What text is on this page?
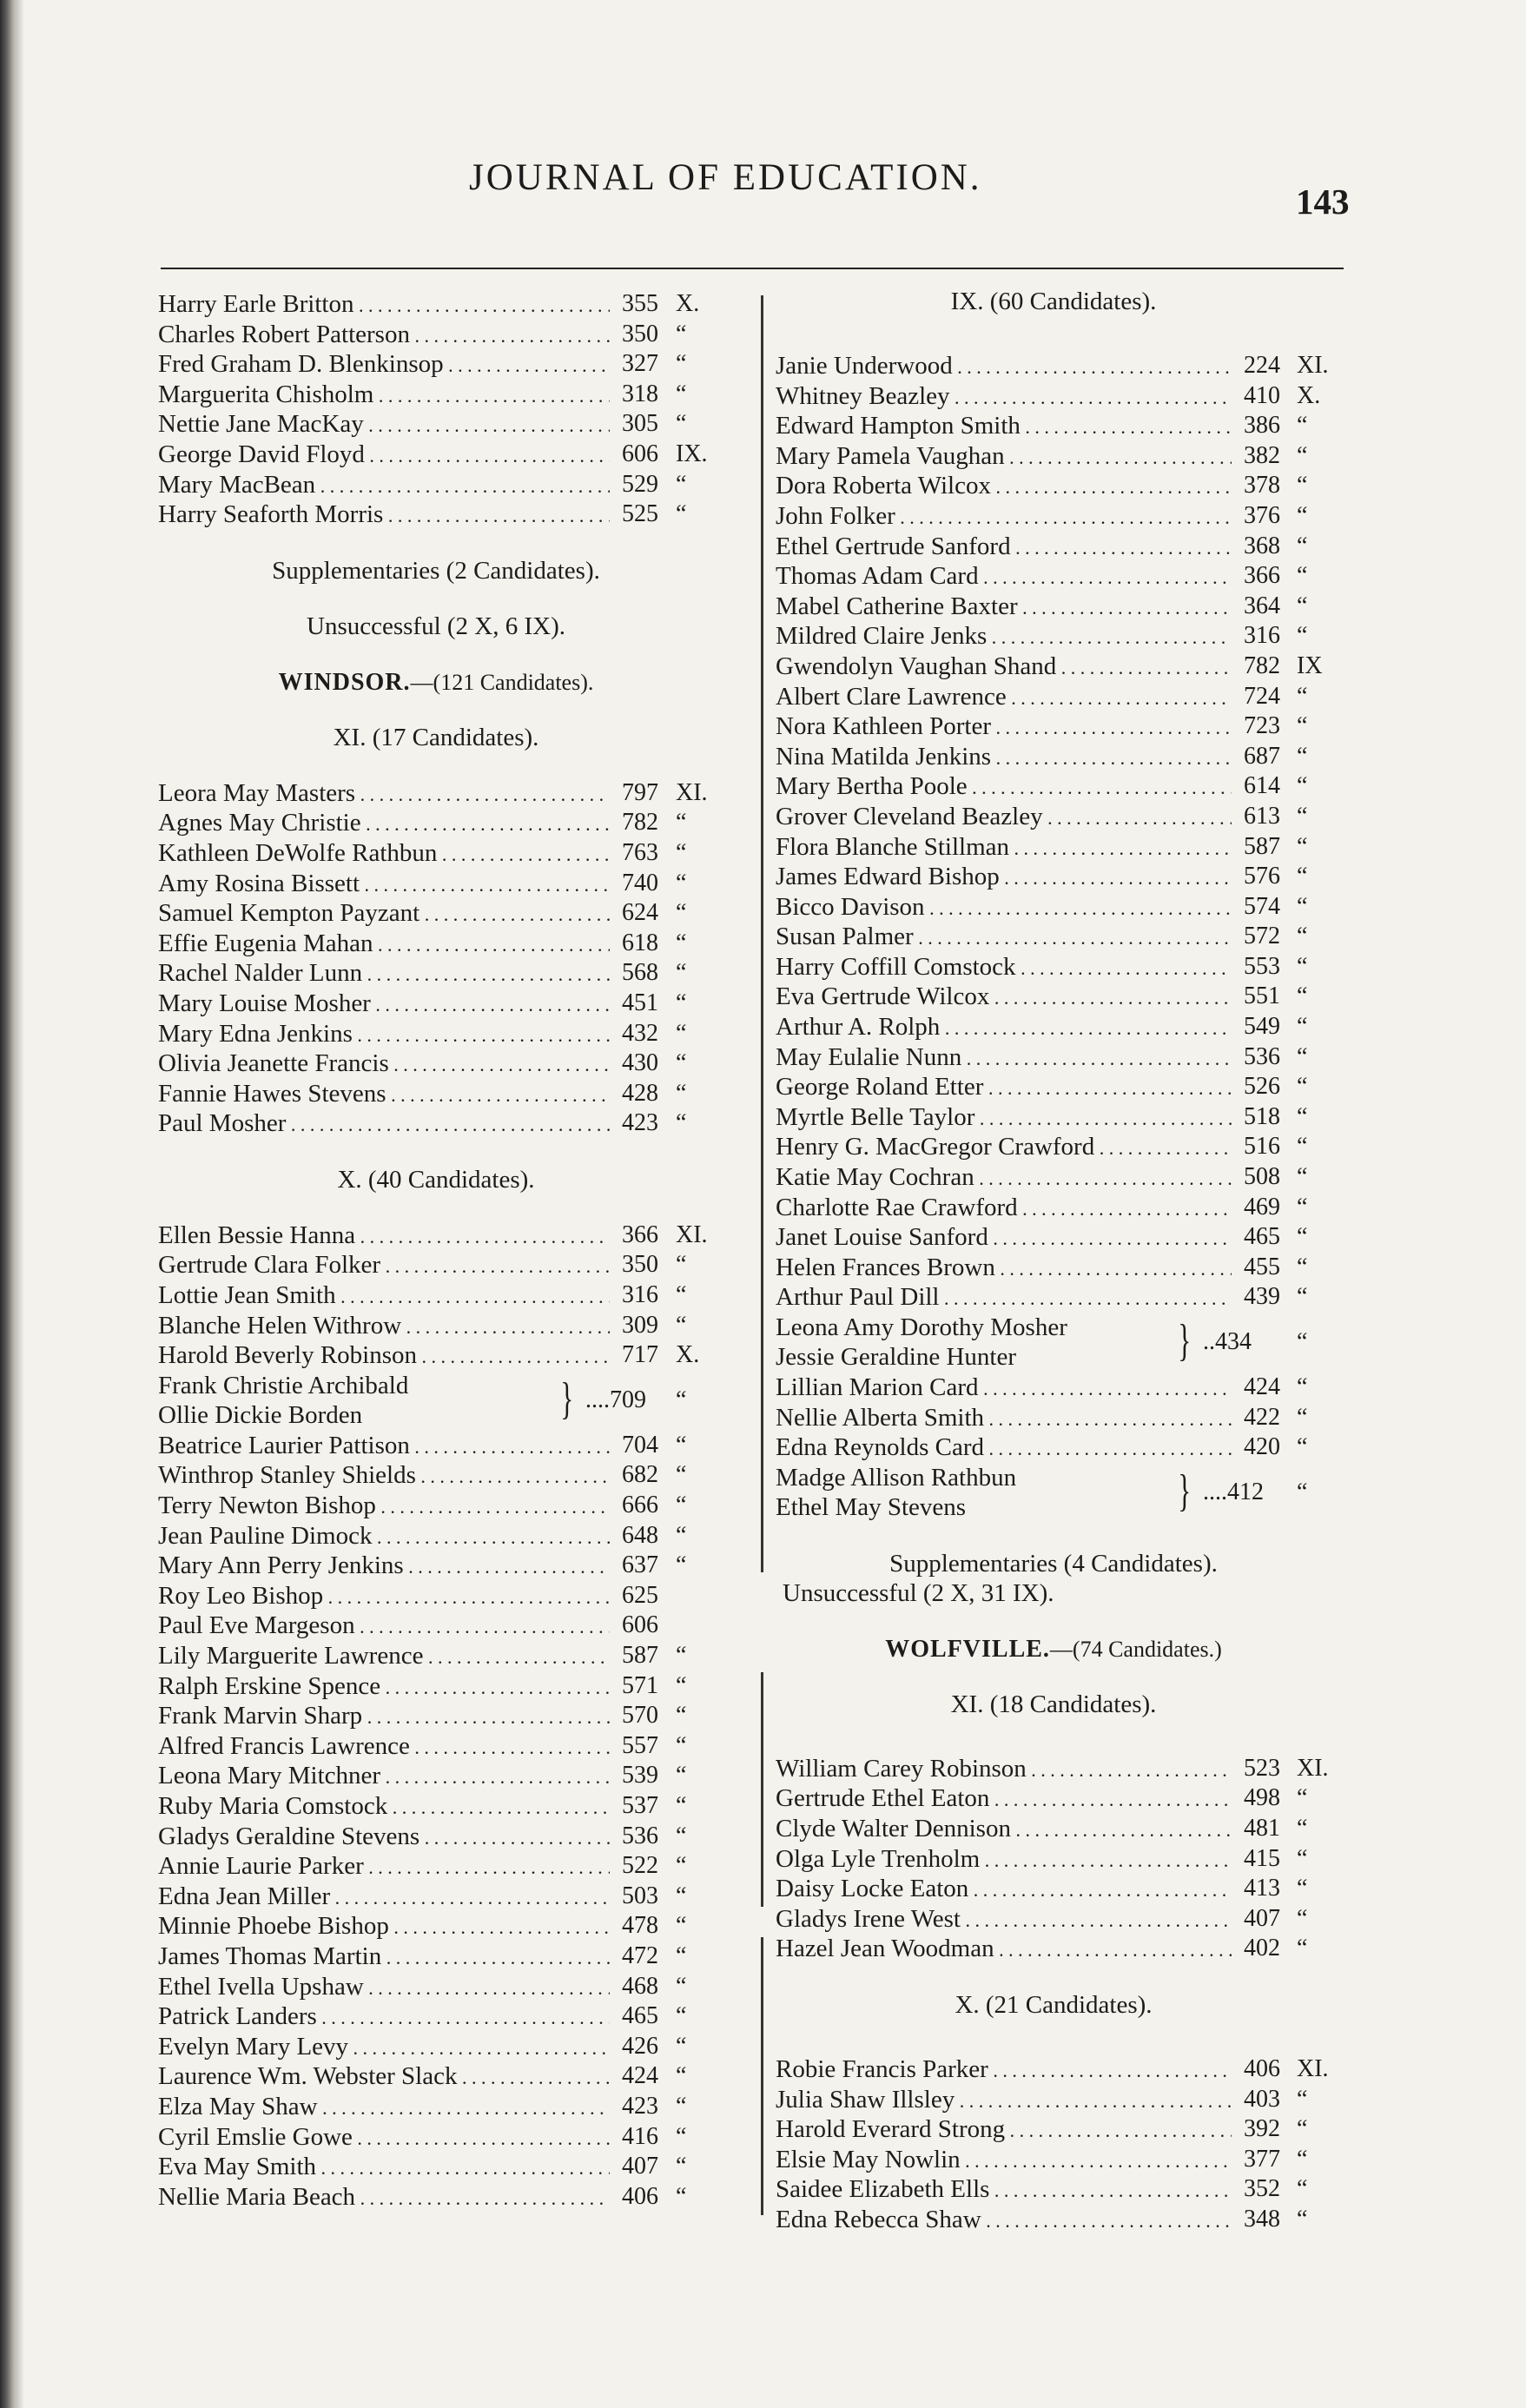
JOURNAL OF EDUCATION.
143
Harry Earle Britton . . .	355 X.
Charles Robert Patterson . . .	350 “
Fred Graham D. Blenkinsop . . .	327 “
Marguerita Chisholm . . .	318 “
Nettie Jane MacKay . . .	305 “
George David Floyd . . .	606 IX.
Mary MacBean . . .	529 “
Harry Seaforth Morris . . .	525 “
Supplementaries (2 Candidates).
Unsuccessful (2 X, 6 IX).
WINDSOR.—(121 Candidates).
XI. (17 Candidates).
Leora May Masters . . .	797 XI.
Agnes May Christie . . .	782 “
Kathleen DeWolfe Rathbun . . .	763 “
Amy Rosina Bissett . . .	740 “
Samuel Kempton Payzant . . .	624 “
Effie Eugenia Mahan . . .	618 “
Rachel Nalder Lunn . . .	568 “
Mary Louise Mosher . . .	451 “
Mary Edna Jenkins . . .	432 “
Olivia Jeanette Francis . . .	430 “
Fannie Hawes Stevens . . .	428 “
Paul Mosher . . .	423 “
X. (40 Candidates).
Ellen Bessie Hanna . . .	366 XI.
Gertrude Clara Folker . . .	350 “
Lottie Jean Smith . . .	316 “
Blanche Helen Withrow . . .	309 “
Harold Beverly Robinson . . .	717 X.
Frank Christie Archibald
Ollie Dickie Borden	} ....709	“
Beatrice Laurier Pattison . . .	704 “
Winthrop Stanley Shields . . .	682 “
Terry Newton Bishop . . .	666 “
Jean Pauline Dimock . . .	648 “
Mary Ann Perry Jenkins . . .	637 “
Roy Leo Bishop . . .	625
Paul Eve Margeson . . .	606
Lily Marguerite Lawrence . . .	587 “
Ralph Erskine Spence . . .	571 “
Frank Marvin Sharp . . .	570 “
Alfred Francis Lawrence . . .	557 “
Leona Mary Mitchner . . .	539 “
Ruby Maria Comstock . . .	537 “
Gladys Geraldine Stevens . . .	536 “
Annie Laurie Parker . . .	522 “
Edna Jean Miller . . .	503 “
Minnie Phoebe Bishop . . .	478 “
James Thomas Martin . . .	472 “
Ethel Ivella Upshaw . . .	468 “
Patrick Landers . . .	465 “
Evelyn Mary Levy . . .	426 “
Laurence Wm. Webster Slack . . .	424 “
Elza May Shaw . . .	423 “
Cyril Emslie Gowe . . .	416 “
Eva May Smith . . .	407 “
Nellie Maria Beach . . .	406 “
IX. (60 Candidates).
Janie Underwood . . .	224 XI.
Whitney Beazley . . .	410 X.
Edward Hampton Smith . . .	386 “
Mary Pamela Vaughan . . .	382 “
Dora Roberta Wilcox . . .	378 “
John Folker . . .	376 “
Ethel Gertrude Sanford . . .	368 “
Thomas Adam Card . . .	366 “
Mabel Catherine Baxter . . .	364 “
Mildred Claire Jenks . . .	316 “
Gwendolyn Vaughan Shand . . .	782 IX
Albert Clare Lawrence . . .	724 “
Nora Kathleen Porter . . .	723 “
Nina Matilda Jenkins . . .	687 “
Mary Bertha Poole . . .	614 “
Grover Cleveland Beazley . . .	613 “
Flora Blanche Stillman . . .	587 “
James Edward Bishop . . .	576 “
Bicco Davison . . .	574 “
Susan Palmer . . .	572 “
Harry Coffill Comstock . . .	553 “
Eva Gertrude Wilcox . . .	551 “
Arthur A. Rolph . . .	549 “
May Eulalie Nunn . . .	536 “
George Roland Etter . . .	526 “
Myrtle Belle Taylor . . .	518 “
Henry G. MacGregor Crawford . . .	516 “
Katie May Cochran . . .	508 “
Charlotte Rae Crawford . . .	469 “
Janet Louise Sanford . . .	465 “
Helen Frances Brown . . .	455 “
Arthur Paul Dill . . .	439 “
Leona Amy Dorothy Mosher
Jessie Geraldine Hunter	} ..434	“
Lillian Marion Card . . .	424 “
Nellie Alberta Smith . . .	422 “
Edna Reynolds Card . . .	420 “
Madge Allison Rathbun
Ethel May Stevens	} ....412	“
Supplementaries (4 Candidates).
Unsuccessful (2 X, 31 IX).
WOLFVILLE.—(74 Candidates.)
XI. (18 Candidates).
William Carey Robinson . . .	523 XI.
Gertrude Ethel Eaton . . .	498 “
Clyde Walter Dennison . . .	481 “
Olga Lyle Trenholm . . .	415 “
Daisy Locke Eaton . . .	413 “
Gladys Irene West . . .	407 “
Hazel Jean Woodman . . .	402 “
X. (21 Candidates).
Robie Francis Parker . . .	406 XI.
Julia Shaw Illsley . . .	403 “
Harold Everard Strong . . .	392 “
Elsie May Nowlin . . .	377 “
Saidee Elizabeth Ells . . .	352 “
Edna Rebecca Shaw . . .	348 “
